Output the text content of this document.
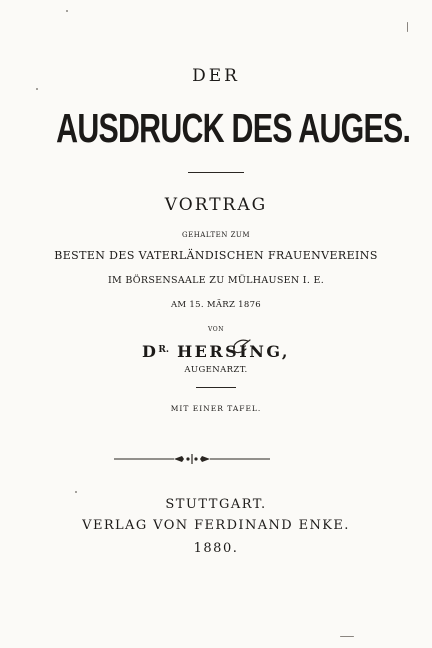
DER
AUSDRUCK DES AUGES.
VORTRAG
GEHALTEN ZUM
BESTEN DES VATERLÄNDISCHEN FRAUENVEREINS
IM BÖRSENSAALE ZU MÜLHAUSEN I. E.
AM 15. MÄRZ 1876
VON
$D^{R.}$ HERSING,
AUGENARZT.
MIT EINER TAFEL.
STUTTGART.
VERLAG VON FERDINAND ENKE.
1880.
